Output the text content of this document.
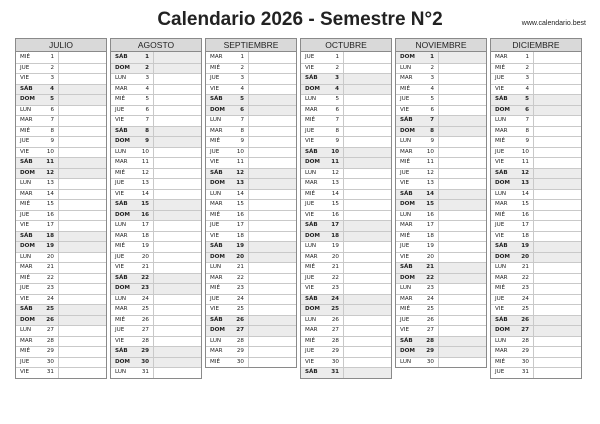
Calendario 2026 - Semestre N°2	www.calendario.best
JULIO
MIÉ	1
JUE	2
VIE	3
SÁB	4
DOM	5
LUN	6
MAR	7
MIÉ	8
JUE	9
VIE	10
SÁB	11
DOM	12
LUN	13
MAR	14
MIÉ	15
JUE	16
VIE	17
SÁB	18
DOM	19
LUN	20
MAR	21
MIÉ	22
JUE	23
VIE	24
SÁB	25
DOM	26
LUN	27
MAR	28
MIÉ	29
JUE	30
VIE	31
AGOSTO
SÁB	1
DOM	2
LUN	3
MAR	4
MIÉ	5
JUE	6
VIE	7
SÁB	8
DOM	9
LUN	10
MAR	11
MIÉ	12
JUE	13
VIE	14
SÁB	15
DOM	16
LUN	17
MAR	18
MIÉ	19
JUE	20
VIE	21
SÁB	22
DOM	23
LUN	24
MAR	25
MIÉ	26
JUE	27
VIE	28
SÁB	29
DOM	30
LUN	31
SEPTIEMBRE
MAR	1
MIÉ	2
JUE	3
VIE	4
SÁB	5
DOM	6
LUN	7
MAR	8
MIÉ	9
JUE	10
VIE	11
SÁB	12
DOM	13
LUN	14
MAR	15
MIÉ	16
JUE	17
VIE	18
SÁB	19
DOM	20
LUN	21
MAR	22
MIÉ	23
JUE	24
VIE	25
SÁB	26
DOM	27
LUN	28
MAR	29
MIÉ	30
OCTUBRE
JUE	1
VIE	2
SÁB	3
DOM	4
LUN	5
MAR	6
MIÉ	7
JUE	8
VIE	9
SÁB	10
DOM	11
LUN	12
MAR	13
MIÉ	14
JUE	15
VIE	16
SÁB	17
DOM	18
LUN	19
MAR	20
MIÉ	21
JUE	22
VIE	23
SÁB	24
DOM	25
LUN	26
MAR	27
MIÉ	28
JUE	29
VIE	30
SÁB	31
NOVIEMBRE
DOM	1
LUN	2
MAR	3
MIÉ	4
JUE	5
VIE	6
SÁB	7
DOM	8
LUN	9
MAR	10
MIÉ	11
JUE	12
VIE	13
SÁB	14
DOM	15
LUN	16
MAR	17
MIÉ	18
JUE	19
VIE	20
SÁB	21
DOM	22
LUN	23
MAR	24
MIÉ	25
JUE	26
VIE	27
SÁB	28
DOM	29
LUN	30
DICIEMBRE
MAR	1
MIÉ	2
JUE	3
VIE	4
SÁB	5
DOM	6
LUN	7
MAR	8
MIÉ	9
JUE	10
VIE	11
SÁB	12
DOM	13
LUN	14
MAR	15
MIÉ	16
JUE	17
VIE	18
SÁB	19
DOM	20
LUN	21
MAR	22
MIÉ	23
JUE	24
VIE	25
SÁB	26
DOM	27
LUN	28
MAR	29
MIÉ	30
JUE	31
